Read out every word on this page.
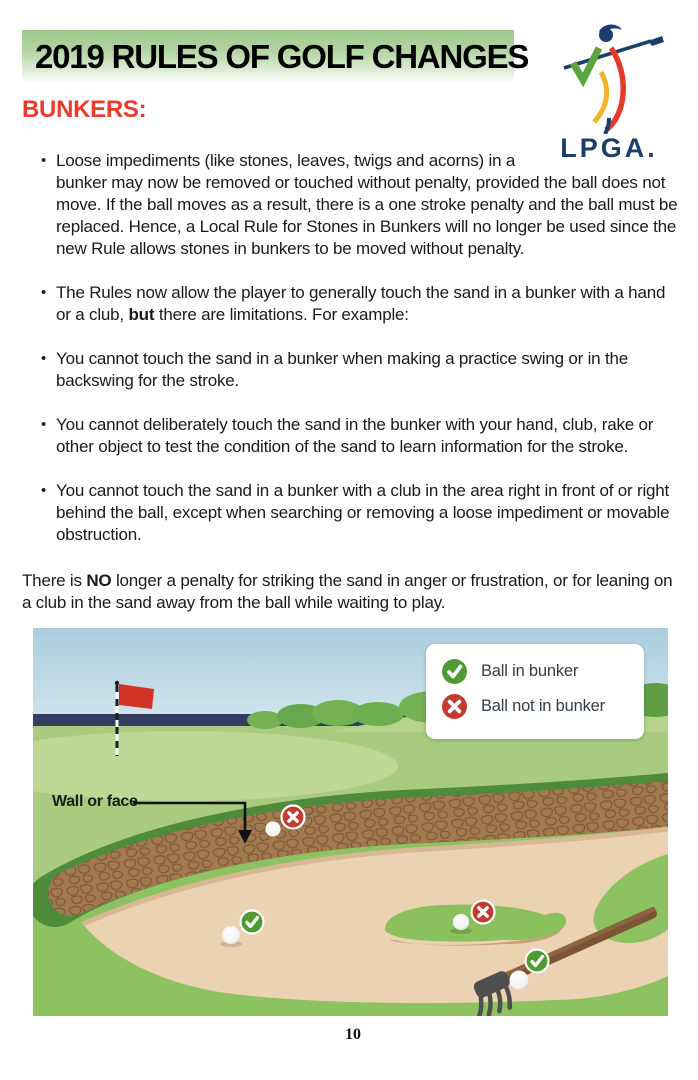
LPGA.
2019 RULES OF GOLF CHANGES
BUNKERS:
• Loose impediments (like stones, leaves, twigs and acorns) in a bunker may now be removed or touched without penalty, provided the ball does not move. If the ball moves as a result, there is a one stroke penalty and the ball must be replaced. Hence, a Local Rule for Stones in Bunkers will no longer be used since the new Rule allows stones in bunkers to be moved without penalty.
• The Rules now allow the player to generally touch the sand in a bunker with a hand or a club, but there are limitations. For example:
• You cannot touch the sand in a bunker when making a practice swing or in the backswing for the stroke.
• You cannot deliberately touch the sand in the bunker with your hand, club, rake or other object to test the condition of the sand to learn information for the stroke.
• You cannot touch the sand in a bunker with a club in the area right in front of or right behind the ball, except when searching or removing a loose impediment or movable obstruction.
There is NO longer a penalty for striking the sand in anger or frustration, or for leaning on a club in the sand away from the ball while waiting to play.
Wall or face
Ball in bunker
Ball not in bunker
10
